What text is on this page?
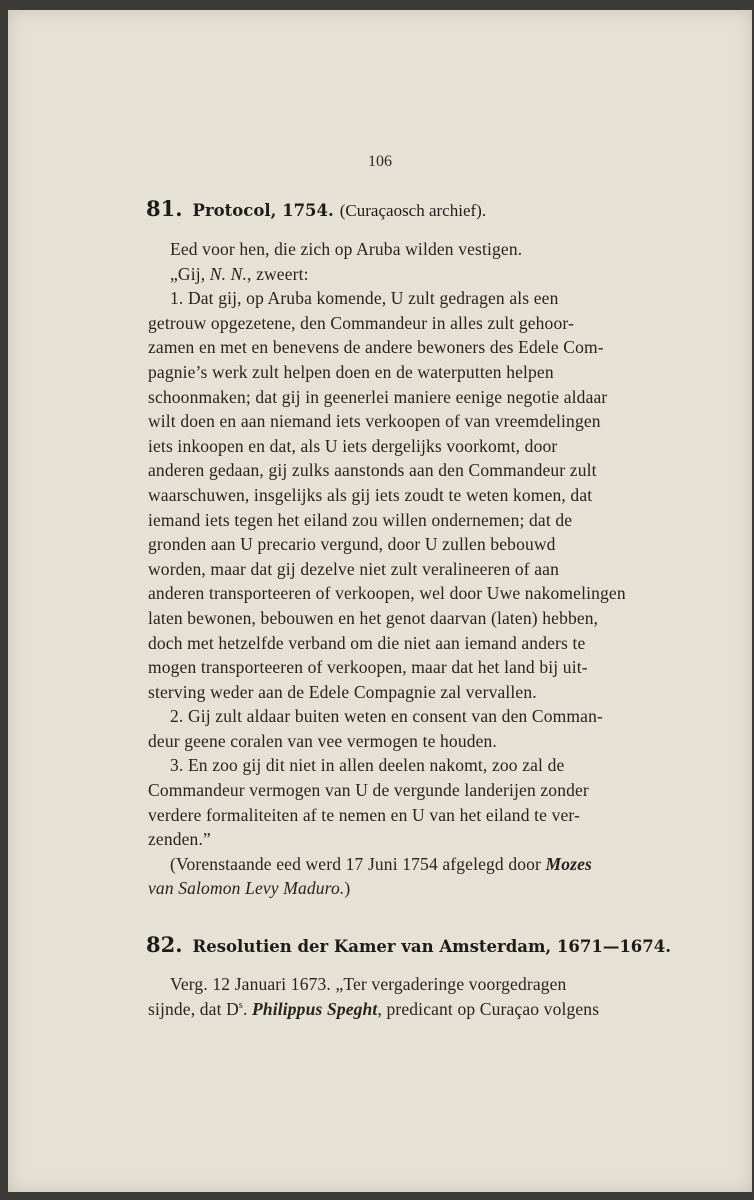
106
81. Protocol, 1754. (Curaçaosch archief).
Eed voor hen, die zich op Aruba wilden vestigen.
„Gij, N. N., zweert:
1. Dat gij, op Aruba komende, U zult gedragen als een
getrouw opgezetene, den Commandeur in alles zult gehoor-
zamen en met en benevens de andere bewoners des Edele Com-
pagnie’s werk zult helpen doen en de waterputten helpen
schoonmaken; dat gij in geenerlei maniere eenige negotie aldaar
wilt doen en aan niemand iets verkoopen of van vreemdelingen
iets inkoopen en dat, als U iets dergelijks voorkomt, door
anderen gedaan, gij zulks aanstonds aan den Commandeur zult
waarschuwen, insgelijks als gij iets zoudt te weten komen, dat
iemand iets tegen het eiland zou willen ondernemen; dat de
gronden aan U precario vergund, door U zullen bebouwd
worden, maar dat gij dezelve niet zult veralineeren of aan
anderen transporteeren of verkoopen, wel door Uwe nakomelingen
laten bewonen, bebouwen en het genot daarvan (laten) hebben,
doch met hetzelfde verband om die niet aan iemand anders te
mogen transporteeren of verkoopen, maar dat het land bij uit-
sterving weder aan de Edele Compagnie zal vervallen.
2. Gij zult aldaar buiten weten en consent van den Comman-
deur geene coralen van vee vermogen te houden.
3. En zoo gij dit niet in allen deelen nakomt, zoo zal de
Commandeur vermogen van U de vergunde landerijen zonder
verdere formaliteiten af te nemen en U van het eiland te ver-
zenden.”
(Vorenstaande eed werd 17 Juni 1754 afgelegd door Mozes
van Salomon Levy Maduro.)
82. Resolutien der Kamer van Amsterdam, 1671—1674.
Verg. 12 Januari 1673. „Ter vergaderinge voorgedragen
sijnde, dat $D^s$. Philippus Speght, predicant op Curaçao volgens
